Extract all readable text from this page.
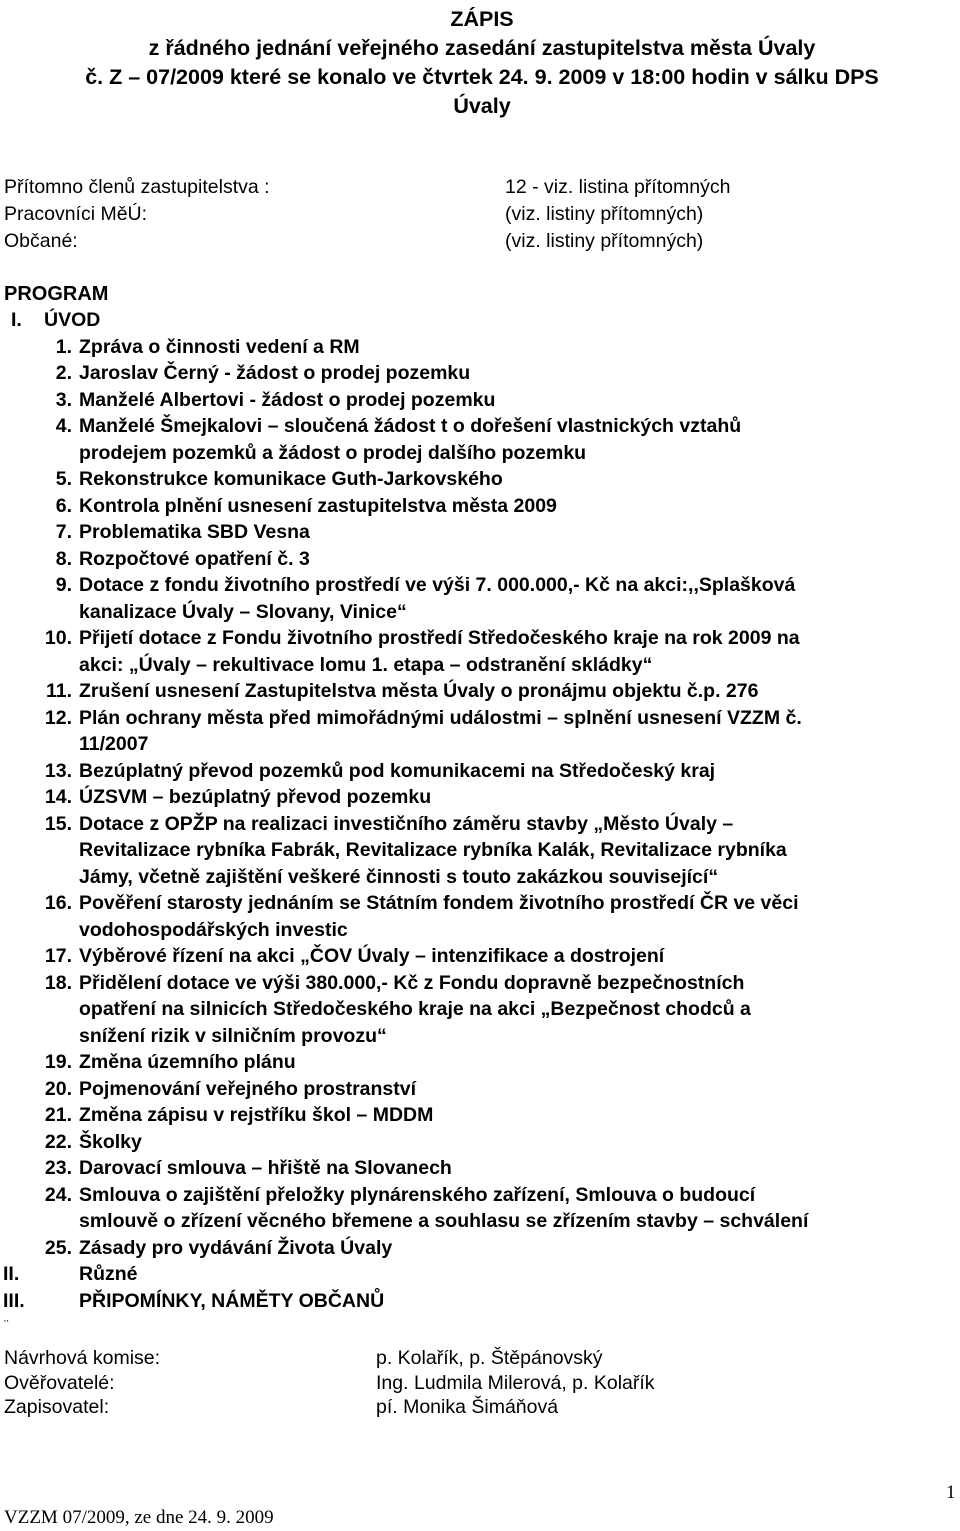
ZÁPIS
z řádného jednání veřejného zasedání zastupitelstva města Úvaly
č. Z – 07/2009 které se konalo ve čtvrtek 24. 9. 2009 v 18:00 hodin v sálku DPS
Úvaly
Přítomno členů zastupitelstva :	12 - viz. listina přítomných
Pracovníci MěÚ:	(viz. listiny přítomných)
Občané:	(viz. listiny přítomných)
PROGRAM
I. ÚVOD
1. Zpráva o činnosti vedení a RM
2. Jaroslav Černý - žádost o prodej pozemku
3. Manželé Albertovi - žádost o prodej pozemku
4. Manželé Šmejkalovi – sloučená žádost t o dořešení vlastnických vztahů
prodejem pozemků a žádost o prodej dalšího pozemku
5. Rekonstrukce komunikace Guth-Jarkovského
6. Kontrola plnění usnesení zastupitelstva města 2009
7. Problematika SBD Vesna
8. Rozpočtové opatření č. 3
9. Dotace z fondu životního prostředí ve výši 7. 000.000,- Kč na akci:,,Splašková
kanalizace Úvaly – Slovany, Vinice“
10. Přijetí dotace z Fondu životního prostředí Středočeského kraje na rok 2009 na
akci: „Úvaly – rekultivace lomu 1. etapa – odstranění skládky“
11. Zrušení usnesení Zastupitelstva města Úvaly o pronájmu objektu č.p. 276
12. Plán ochrany města před mimořádnými událostmi – splnění usnesení VZZM č.
11/2007
13. Bezúplatný převod pozemků pod komunikacemi na Středočeský kraj
14. ÚZSVM – bezúplatný převod pozemku
15. Dotace z OPŽP na realizaci investičního záměru stavby „Město Úvaly –
Revitalizace rybníka Fabrák, Revitalizace rybníka Kalák, Revitalizace rybníka
Jámy, včetně zajištění veškeré činnosti s touto zakázkou související“
16. Pověření starosty jednáním se Státním fondem životního prostředí ČR ve věci
vodohospodářských investic
17. Výběrové řízení na akci „ČOV Úvaly – intenzifikace a dostrojení
18. Přidělení dotace ve výši 380.000,- Kč z Fondu dopravně bezpečnostních
opatření na silnicích Středočeského kraje na akci „Bezpečnost chodců a
snížení rizik v silničním provozu“
19. Změna územního plánu
20. Pojmenování veřejného prostranství
21. Změna zápisu v rejstříku škol – MDDM
22. Školky
23. Darovací smlouva – hřiště na Slovanech
24. Smlouva o zajištění přeložky plynárenského zařízení, Smlouva o budoucí
smlouvě o zřízení věcného břemene a souhlasu se zřízením stavby – schválení
25. Zásady pro vydávání Života Úvaly
II.	Různé
III.	PŘIPOMÍNKY, NÁMĚTY OBČANŮ
¨
Návrhová komise:	p. Kolařík, p. Štěpánovský
Ověřovatelé:	Ing. Ludmila Milerová, p. Kolařík
Zapisovatel:	pí. Monika Šimáňová
VZZM 07/2009, ze dne 24. 9. 2009
1
